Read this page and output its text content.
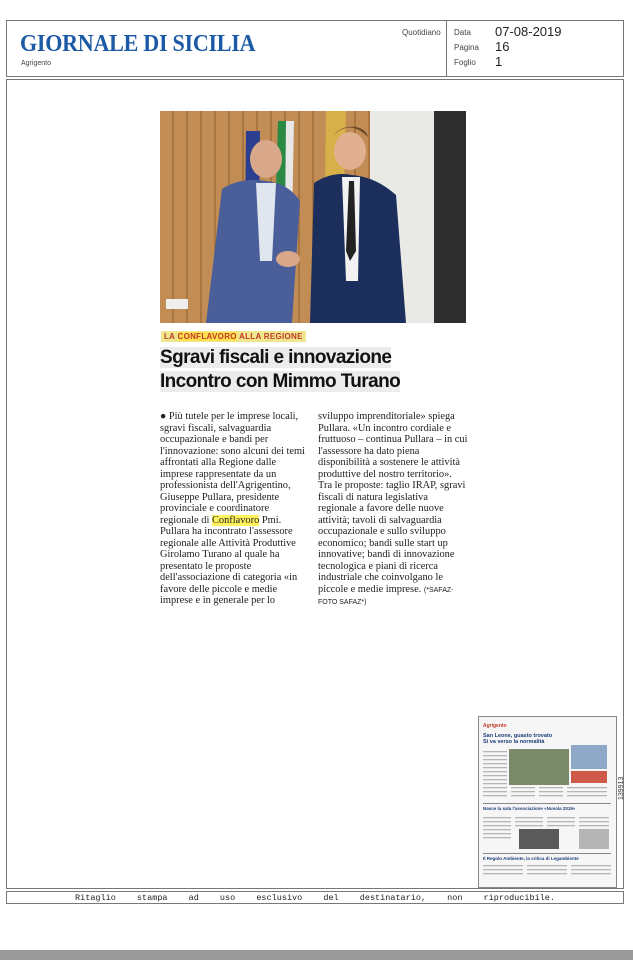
GIORNALE DI SICILIA
Agrigento
Quotidiano Data 07-08-2019
Pagina 16
Foglio 1
LA CONFLAVORO ALLA REGIONE
Sgravi fiscali e innovazione
Incontro con Mimmo Turano
● Più tutele per le imprese locali, sgravi fiscali, salvaguardia occupazionale e bandi per l'innovazione: sono alcuni dei temi affrontati alla Regione dalle imprese rappresentate da un professionista dell'Agrigentino, Giuseppe Pullara, presidente provinciale e coordinatore regionale di Conflavoro Pmi. Pullara ha incontrato l'assessore regionale alle Attività Produttive Girolamo Turano al quale ha presentato le proposte dell'associazione di categoria «in favore delle piccole e medie imprese e in generale per lo
sviluppo imprenditoriale» spiega Pullara. «Un incontro cordiale e fruttuoso – continua Pullara – in cui l'assessore ha dato piena disponibilità a sostenere le attività produttive del nostro territorio». Tra le proposte: taglio IRAP, sgravi fiscali di natura legislativa regionale a favore delle nuove attività; tavoli di salvaguardia occupazionale e sullo sviluppo economico; bandi sulle start up innovative; bandi di innovazione tecnologica e piani di ricerca industriale che coinvolgano le piccole e medie imprese. (*SAFAZ-FOTO SAFAZ*)
Agrigento
San Leone, guasto trovato
Si va verso la normalità
Nasce la sala l'associazione «Nuvola 2019»
Il Regolo Ambiente, la critica di Legambiente
139913
Ritaglio stampa ad uso esclusivo del destinatario, non riproducibile.
